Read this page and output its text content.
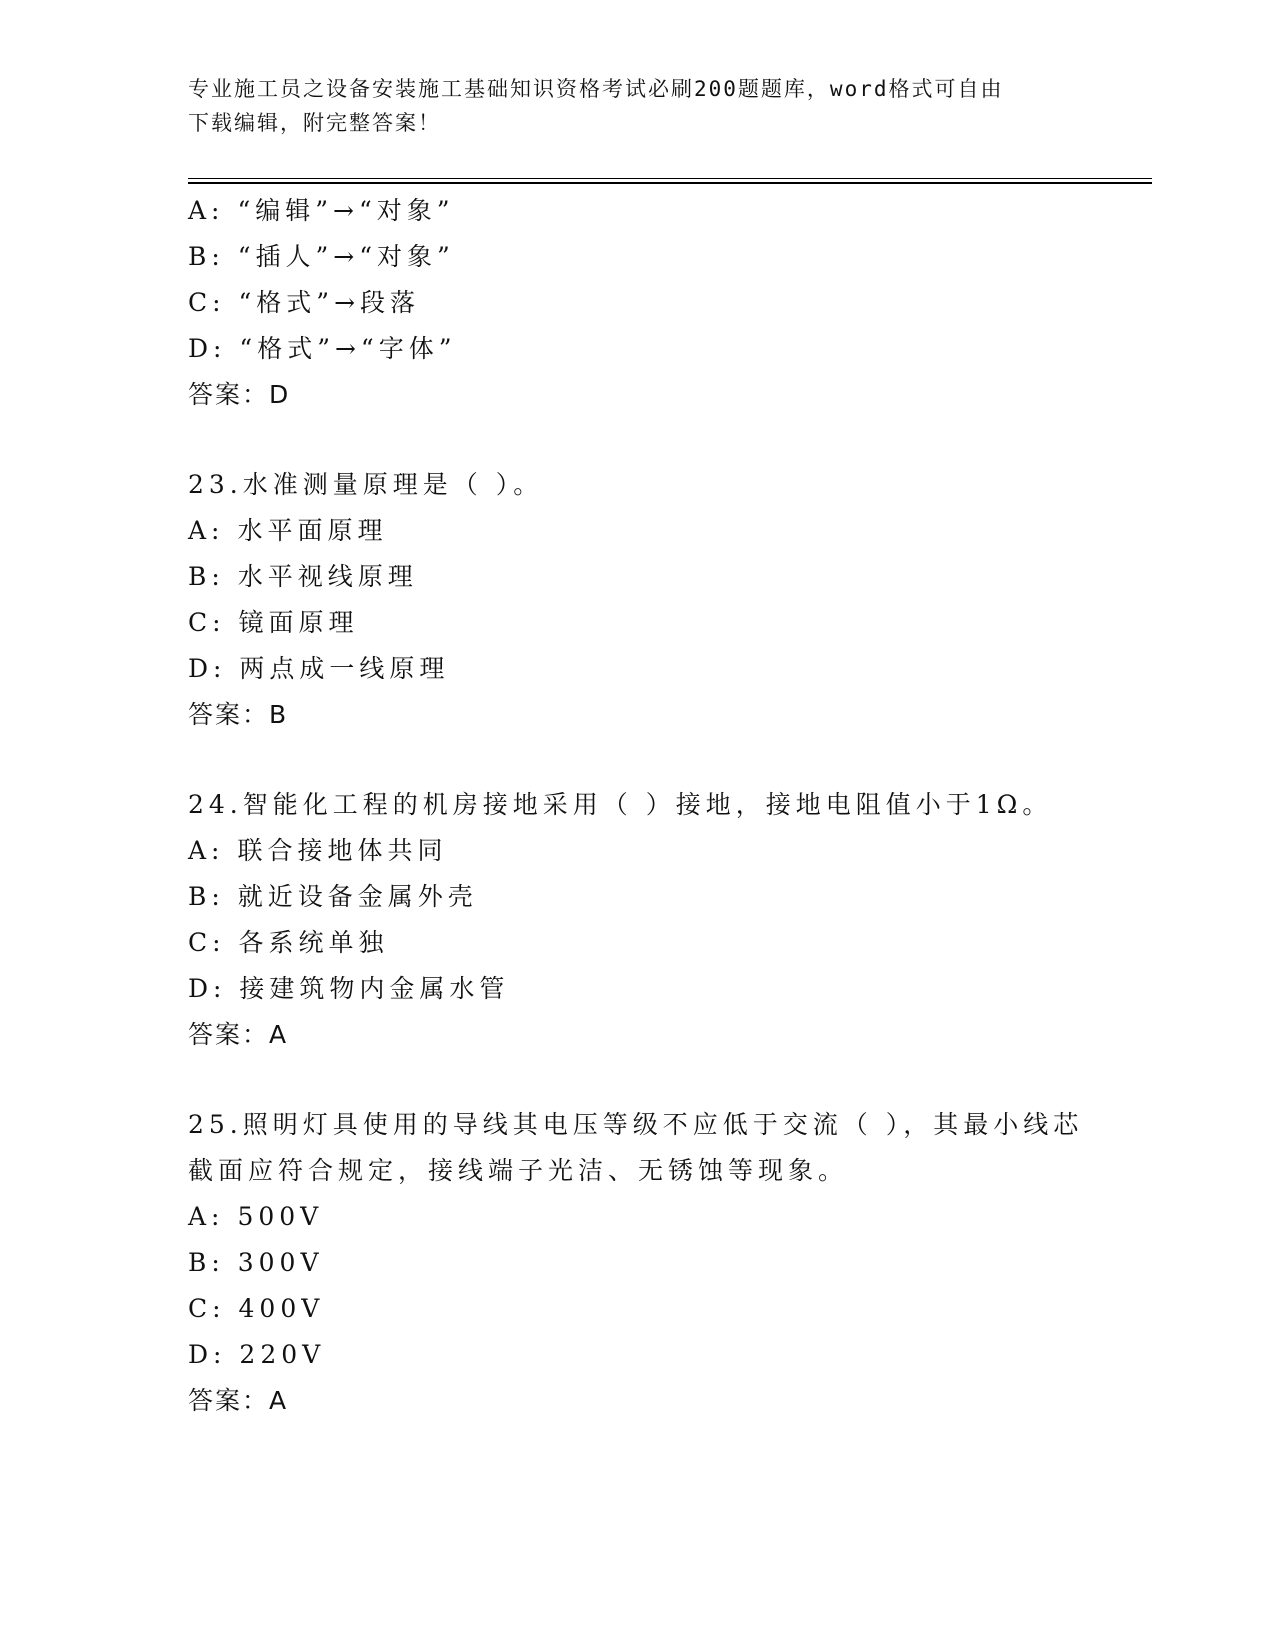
专业施工员之设备安装施工基础知识资格考试必刷200题题库，word格式可自由
下载编辑，附完整答案！
A: “编辑”→“对象”
B: “插人”→“对象”
C: “格式”→段落
D: “格式”→“字体”
答案：D
23.水准测量原理是（ ）。
A: 水平面原理
B: 水平视线原理
C: 镜面原理
D: 两点成一线原理
答案：B
24.智能化工程的机房接地采用（ ）接地，接地电阻值小于1Ω。
A: 联合接地体共同
B: 就近设备金属外壳
C: 各系统单独
D: 接建筑物内金属水管
答案：A
25.照明灯具使用的导线其电压等级不应低于交流（ ），其最小线芯
截面应符合规定，接线端子光洁、无锈蚀等现象。
A: 500V
B: 300V
C: 400V
D: 220V
答案：A
